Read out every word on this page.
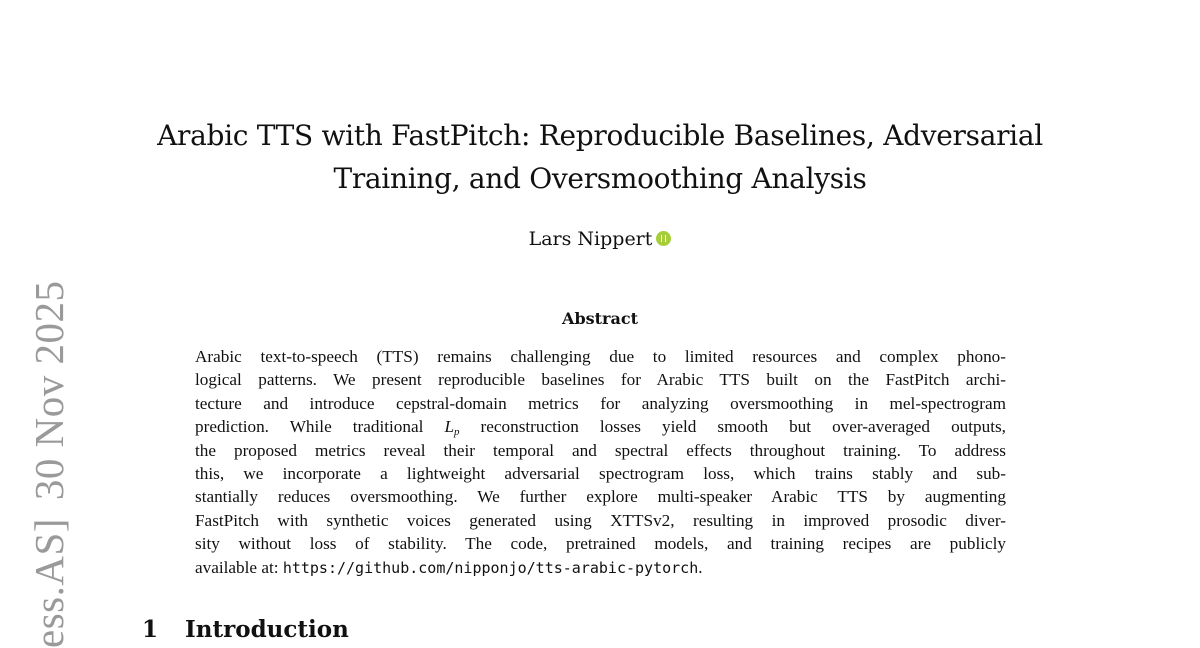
ess.AS]30 Nov 2025
Arabic TTS with FastPitch: Reproducible Baselines, Adversarial Training, and Oversmoothing Analysis
Lars Nippert
Abstract
Arabic text-to-speech (TTS) remains challenging due to limited resources and complex phono-
logical patterns. We present reproducible baselines for Arabic TTS built on the FastPitch archi-
tecture and introduce cepstral-domain metrics for analyzing oversmoothing in mel-spectrogram
prediction. While traditional $L_p$ reconstruction losses yield smooth but over-averaged outputs,
the proposed metrics reveal their temporal and spectral effects throughout training. To address
this, we incorporate a lightweight adversarial spectrogram loss, which trains stably and sub-
stantially reduces oversmoothing. We further explore multi-speaker Arabic TTS by augmenting
FastPitch with synthetic voices generated using XTTSv2, resulting in improved prosodic diver-
sity without loss of stability. The code, pretrained models, and training recipes are publicly
available at: https://github.com/nipponjo/tts-arabic-pytorch.
1 Introduction
